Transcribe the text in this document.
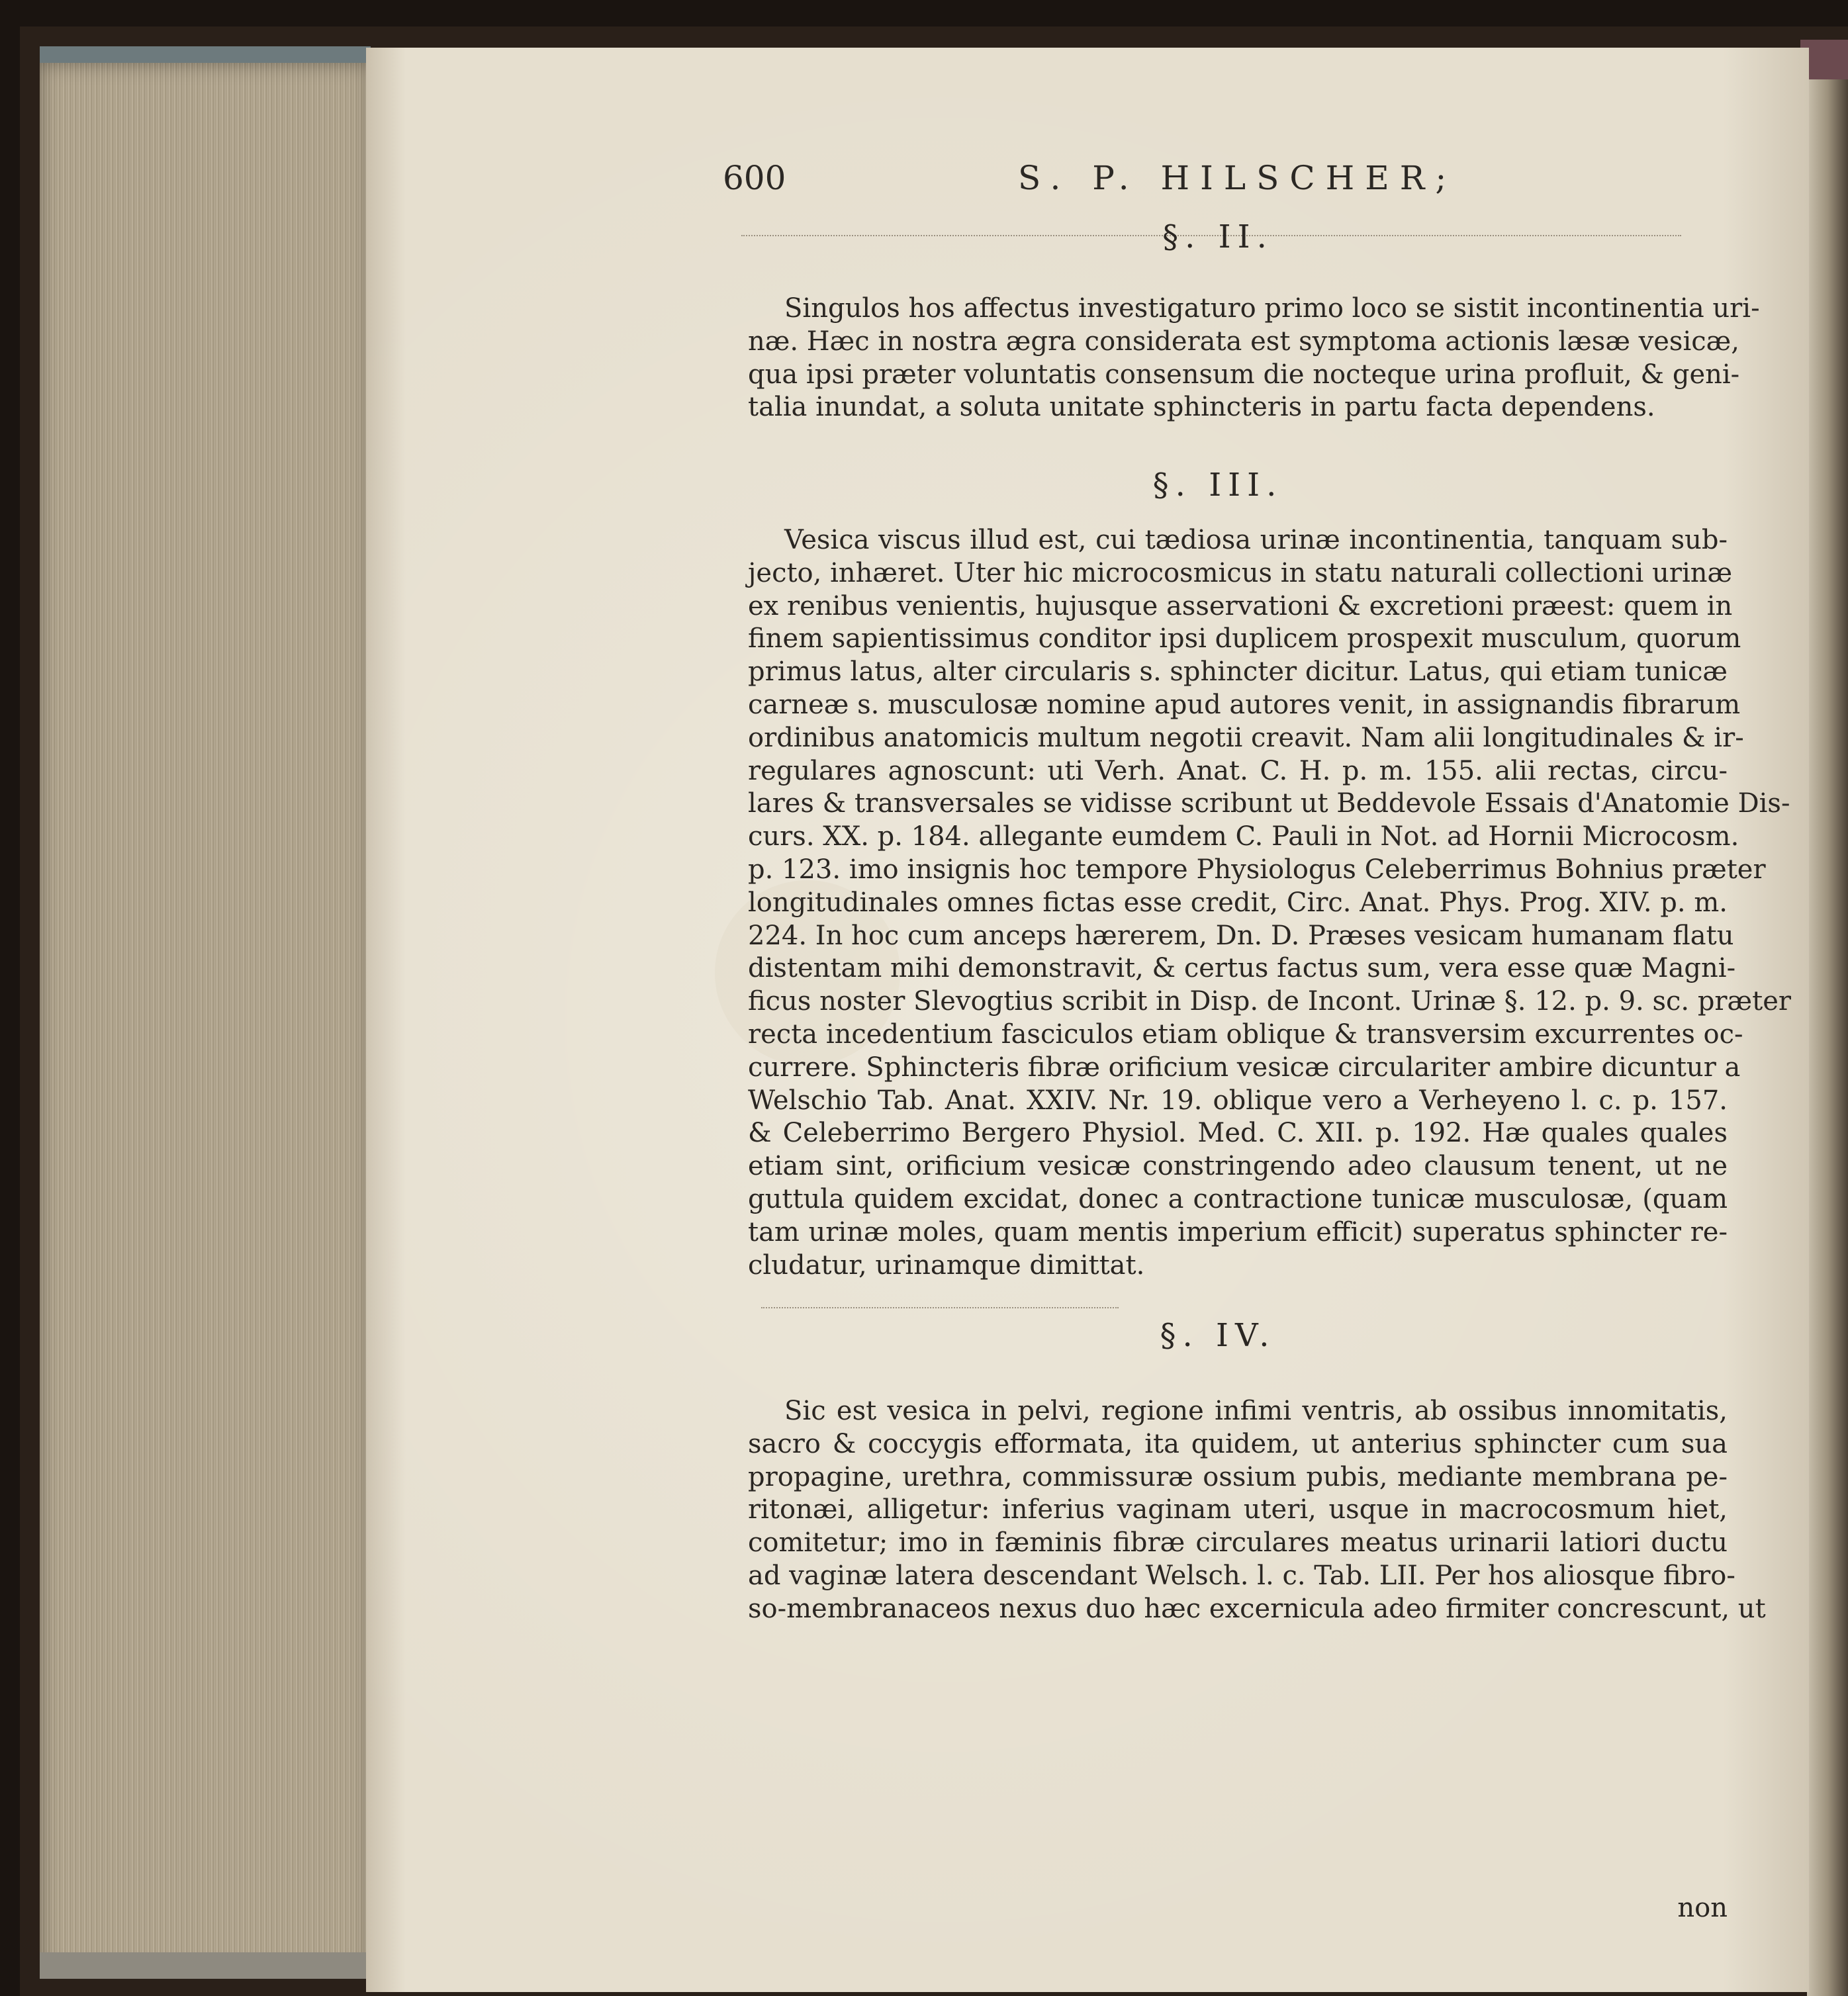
600	S. P. HILSCHER;
§. II.
Singulos hos affectus investigaturo primo loco se sistit incontinentia uri-
næ. Hæc in nostra ægra considerata est symptoma actionis læsæ vesicæ,
qua ipsi præter voluntatis consensum die nocteque urina profluit, & geni-
talia inundat, a soluta unitate sphincteris in partu facta dependens.
§. III.
Vesica viscus illud est, cui tædiosa urinæ incontinentia, tanquam sub-
jecto, inhæret. Uter hic microcosmicus in statu naturali collectioni urinæ
ex renibus venientis, hujusque asservationi & excretioni præest: quem in
finem sapientissimus conditor ipsi duplicem prospexit musculum, quorum
primus latus, alter circularis s. sphincter dicitur. Latus, qui etiam tunicæ
carneæ s. musculosæ nomine apud autores venit, in assignandis fibrarum
ordinibus anatomicis multum negotii creavit. Nam alii longitudinales & ir-
regulares agnoscunt: uti Verh. Anat. C. H. p. m. 155. alii rectas, circu-
lares & transversales se vidisse scribunt ut Beddevole Essais d'Anatomie Dis-
curs. XX. p. 184. allegante eumdem C. Pauli in Not. ad Hornii Microcosm.
p. 123. imo insignis hoc tempore Physiologus Celeberrimus Bohnius præter
longitudinales omnes fictas esse credit, Circ. Anat. Phys. Prog. XIV. p. m.
224. In hoc cum anceps hærerem, Dn. D. Præses vesicam humanam flatu
distentam mihi demonstravit, & certus factus sum, vera esse quæ Magni-
ficus noster Slevogtius scribit in Disp. de Incont. Urinæ §. 12. p. 9. sc. præter
recta incedentium fasciculos etiam oblique & transversim excurrentes oc-
currere. Sphincteris fibræ orificium vesicæ circulariter ambire dicuntur a
Welschio Tab. Anat. XXIV. Nr. 19. oblique vero a Verheyeno l. c. p. 157.
& Celeberrimo Bergero Physiol. Med. C. XII. p. 192. Hæ quales quales
etiam sint, orificium vesicæ constringendo adeo clausum tenent, ut ne
guttula quidem excidat, donec a contractione tunicæ musculosæ, (quam
tam urinæ moles, quam mentis imperium efficit) superatus sphincter re-
cludatur, urinamque dimittat.
§. IV.
Sic est vesica in pelvi, regione infimi ventris, ab ossibus innomitatis,
sacro & coccygis efformata, ita quidem, ut anterius sphincter cum sua
propagine, urethra, commissuræ ossium pubis, mediante membrana pe-
ritonæi, alligetur: inferius vaginam uteri, usque in macrocosmum hiet,
comitetur; imo in fæminis fibræ circulares meatus urinarii latiori ductu
ad vaginæ latera descendant Welsch. l. c. Tab. LII. Per hos aliosque fibro-
so-membranaceos nexus duo hæc excernicula adeo firmiter concrescunt, ut
non
